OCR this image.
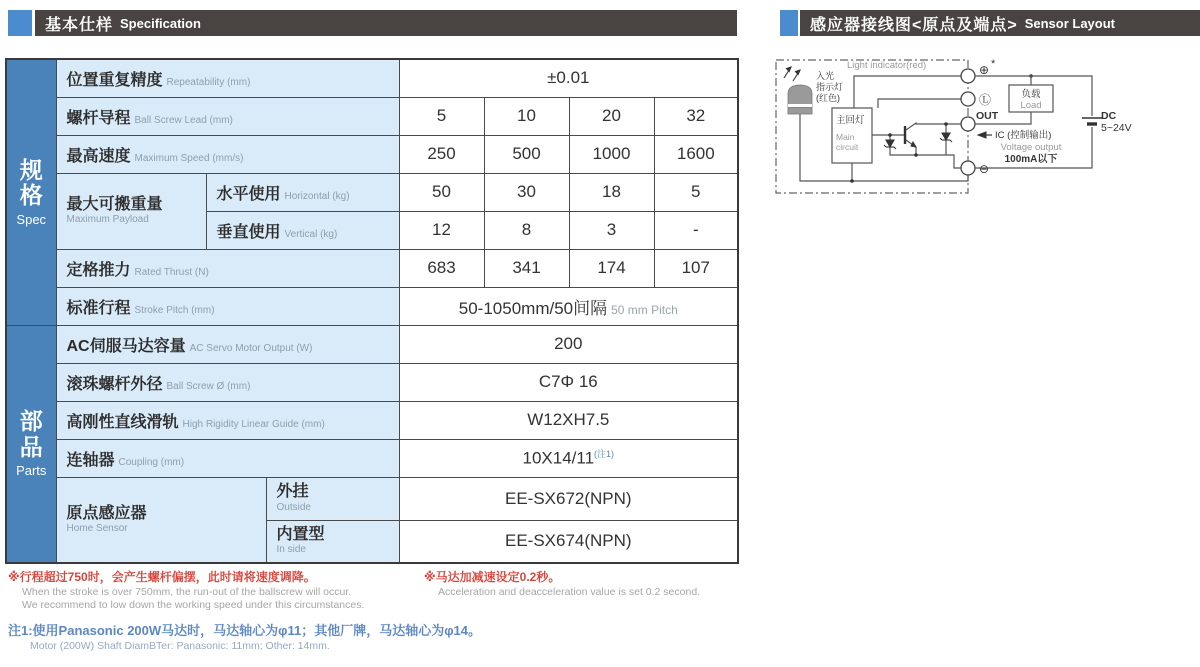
基本仕样 Specification	感应器接线图<原点及端点> Sensor Layout
规格
Spec	位置重复精度 Repeatability (mm)			±0.01			
	螺杆导程 Ball Screw Lead (mm)			5	10	20	32
	最高速度 Maximum Speed (mm/s)			250	500	1000	1600

	最大可搬重量
Maximum Payload	水平使用 Horizontal (kg)		50	30	18	5
		垂直使用 Vertical (kg)		12	8	3	-
	定格推力 Rated Thrust (N)			683	341	174	107
	标准行程 Stroke Pitch (mm)			50-1050mm/50间隔 50 mm Pitch			

部品
Parts	AC伺服马达容量 AC Servo Motor Output (W)			200			
	滚珠螺杆外径 Ball Screw Ø (mm)			C7Φ 16			
	高刚性直线滑轨 High Rigidity Linear Guide (mm)			W12XH7.5			
	连轴器 Coupling (mm)			$10X14/11^{(注1)}$

	原点感应器
Home Sensor		外挂
Outside	EE-SX672(NPN)			

			内置型
In side	EE-SX674(NPN)			
※行程超过750时，会产生螺杆偏摆，此时请将速度调降。
When the stroke is over 750mm, the run-out of the ballscrew will occur.
We recommend to low down the working speed under this circumstances.
※马达加减速设定0.2秒。
Acceleration and deacceleration value is set 0.2 second.
注1:使用Panasonic 200W马达时，马达轴心为φ11；其他厂牌，马达轴心为φ14。
Motor (200W) Shaft DiamBTer: Panasonic: 11mm; Other: 14mm.
Light indicator(red)
入光
指示灯
(红色)
主回灯
Main
circuit
⊕ *
Ⓛ
OUT
IC (控制输出)
Voltage output
100mA以下
⊖
负载
Load
DC
5~24V
